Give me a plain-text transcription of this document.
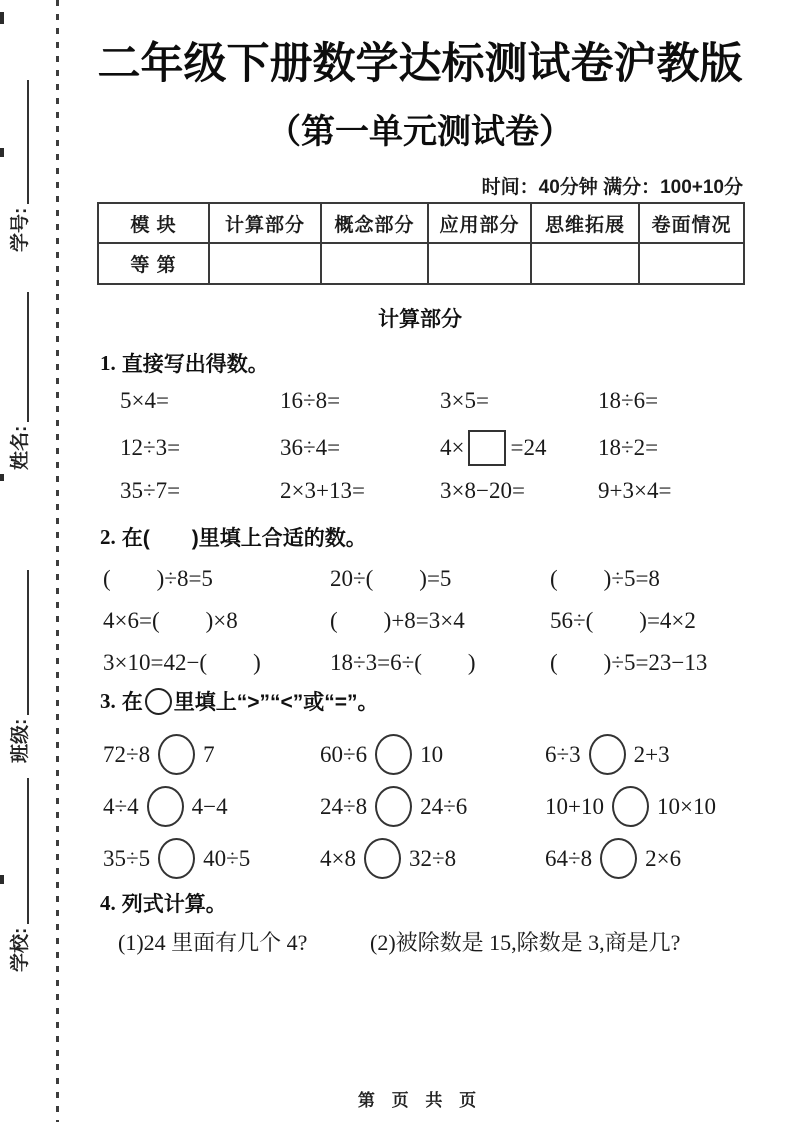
学号:
姓名:
班级:
学校:
二年级下册数学达标测试卷沪教版
（第一单元测试卷）
时间：40分钟 满分：100+10分
模 块	计算部分	概念部分	应用部分	思维拓展	卷面情况
等 第					
计算部分
1. 直接写出得数。
5×4=	16÷8=	3×5=	18÷6=
12÷3=	36÷4=	4× =24 18÷2=
35÷7=	2×3+13=	3×8−20=	9+3×4=
2. 在(　　)里填上合适的数。
(　　)÷8=5	20÷(　　)=5	(　　)÷5=8
4×6=(　　)×8	(　　)+8=3×4	56÷(　　)=4×2
3×10=42−(　　)	18÷3=6÷(　　)	(　　)÷5=23−13
3. 在 里填上“>”“<”或“=”。
72÷8 7	60÷6 10	6÷3 2+3
4÷4 4−4	24÷8 24÷6	10+10 10×10
35÷5 40÷5	4×8 32÷8	64÷8 2×6
4. 列式计算。
(1)24 里面有几个 4?	(2)被除数是 15,除数是 3,商是几?
第 页 共 页
